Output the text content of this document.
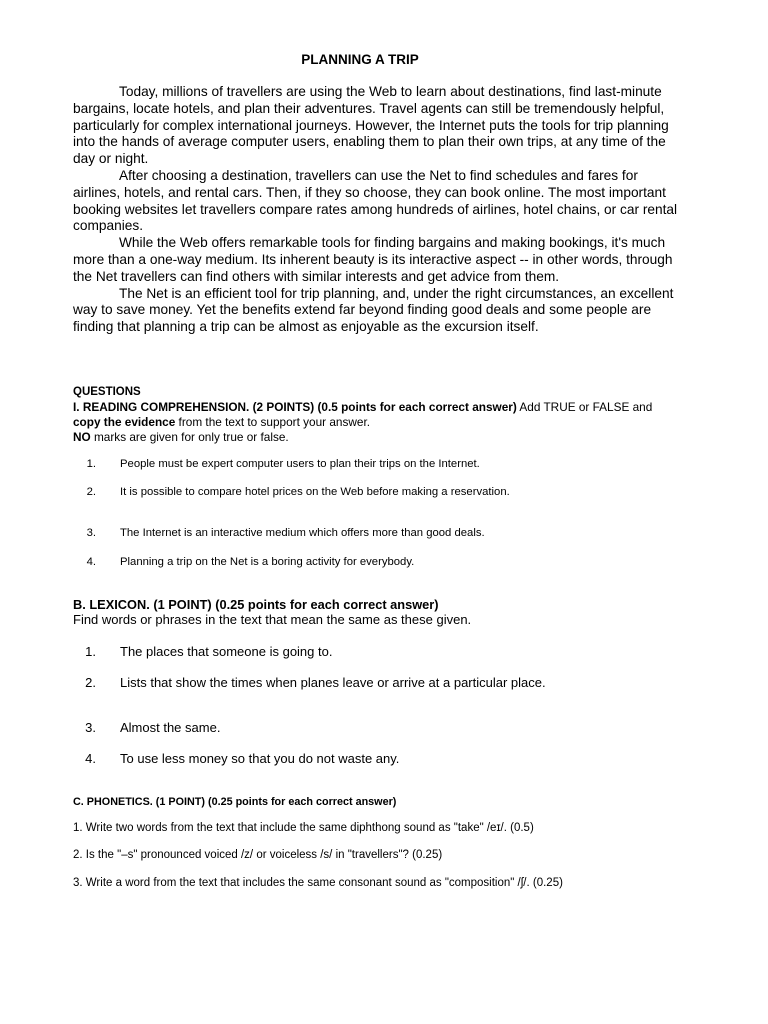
PLANNING A TRIP

Today, millions of travellers are using the Web to learn about destinations, find last-minute bargains, locate hotels, and plan their adventures. Travel agents can still be tremendously helpful, particularly for complex international journeys. However, the Internet puts the tools for trip planning into the hands of average computer users, enabling them to plan their own trips, at any time of the day or night.

After choosing a destination, travellers can use the Net to find schedules and fares for airlines, hotels, and rental cars. Then, if they so choose, they can book online. The most important booking websites let travellers compare rates among hundreds of airlines, hotel chains, or car rental companies.

While the Web offers remarkable tools for finding bargains and making bookings, it's much more than a one-way medium. Its inherent beauty is its interactive aspect -- in other words, through the Net travellers can find others with similar interests and get advice from them.

The Net is an efficient tool for trip planning, and, under the right circumstances, an excellent way to save money. Yet the benefits extend far beyond finding good deals and some people are finding that planning a trip can be almost as enjoyable as the excursion itself.

QUESTIONS
I. READING COMPREHENSION. (2 POINTS) (0.5 points for each correct answer) Add TRUE or FALSE and copy the evidence from the text to support your answer.
NO marks are given for only true or false.
1. People must be expert computer users to plan their trips on the Internet.
2. It is possible to compare hotel prices on the Web before making a reservation.
3. The Internet is an interactive medium which offers more than good deals.
4. Planning a trip on the Net is a boring activity for everybody.
B. LEXICON. (1 POINT) (0.25 points for each correct answer)
Find words or phrases in the text that mean the same as these given.
1. The places that someone is going to.
2. Lists that show the times when planes leave or arrive at a particular place.
3. Almost the same.
4. To use less money so that you do not waste any.
C. PHONETICS. (1 POINT) (0.25 points for each correct answer)
1. Write two words from the text that include the same diphthong sound as "take" /eɪ/. (0.5)
2. Is the "–s" pronounced voiced /z/ or voiceless /s/ in "travellers"? (0.25)
3. Write a word from the text that includes the same consonant sound as "composition" /ʃ/. (0.25)
